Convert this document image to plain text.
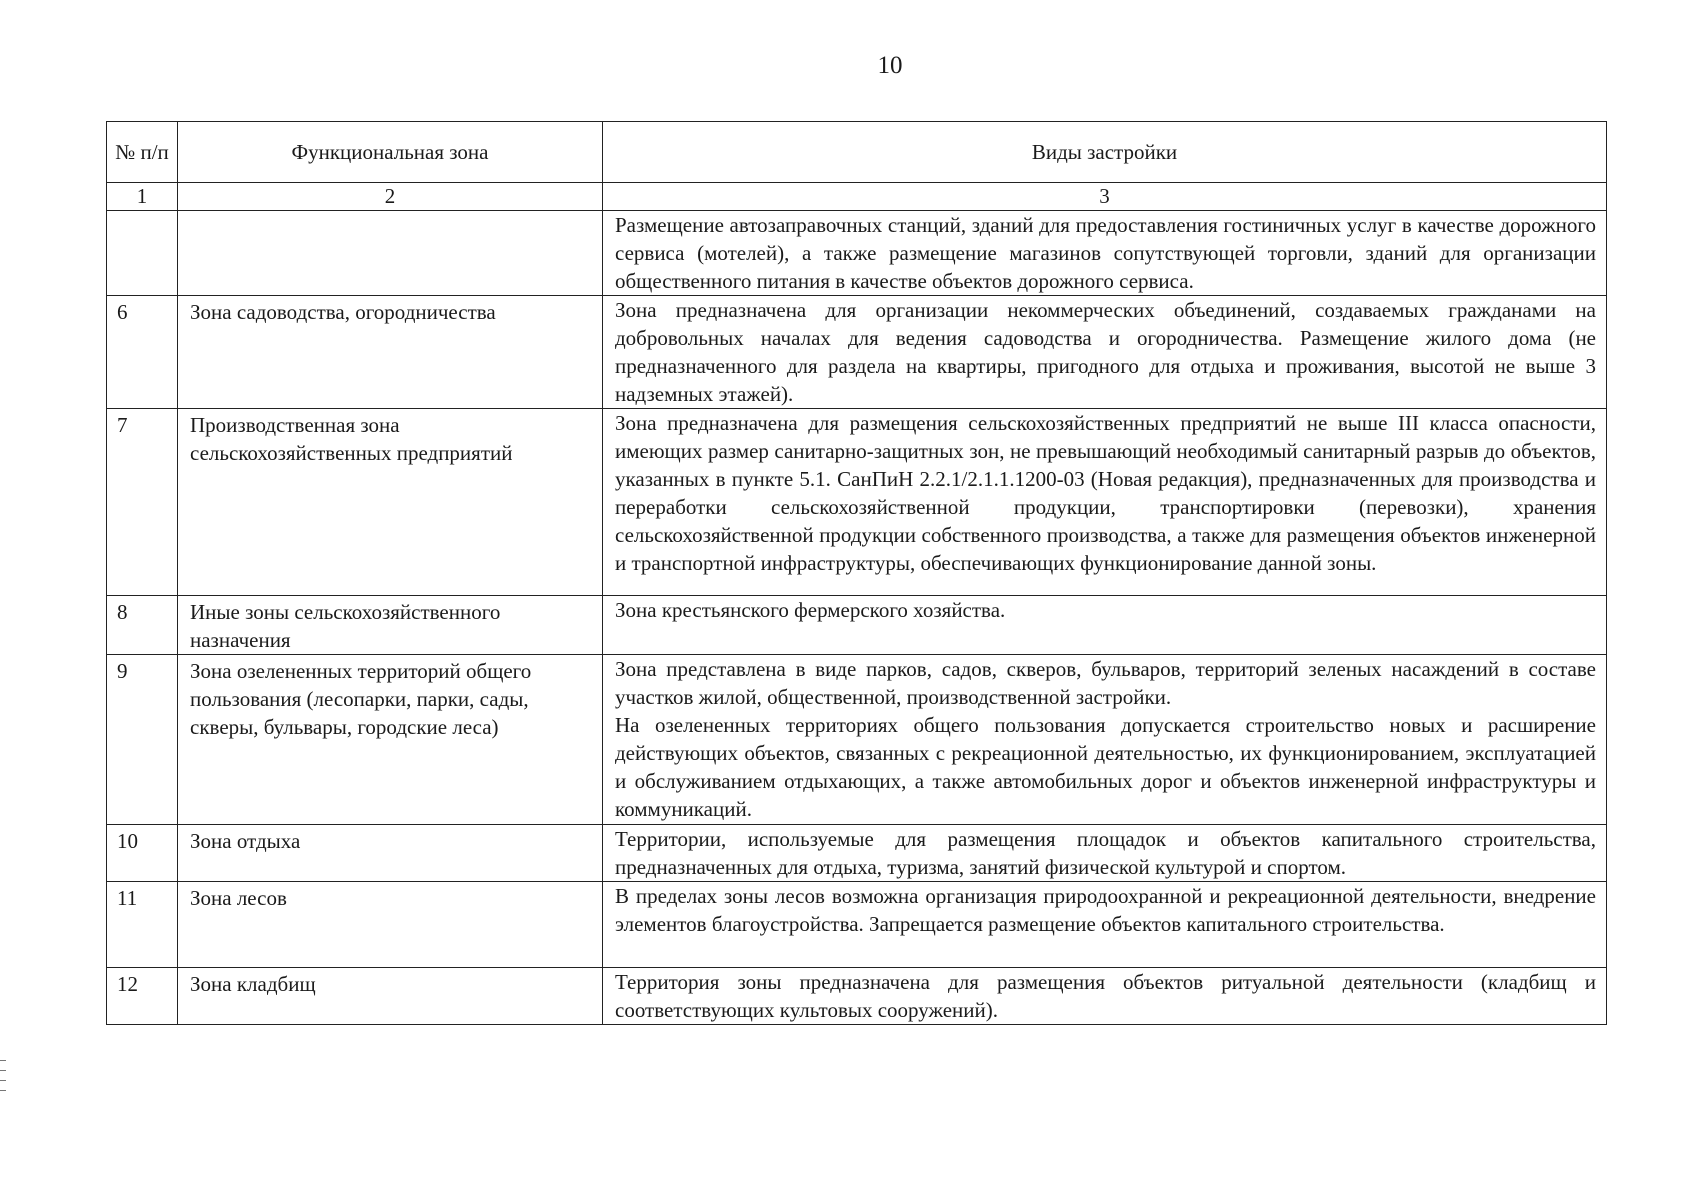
10
№ п/п	Функциональная зона	Виды застройки
1	2	3

		Размещение автозаправочных станций, зданий для предоставления гостиничных услуг в качестве дорожного сервиса (мотелей), а также размещение магазинов сопутствующей торговли, зданий для организации общественного питания в качестве объектов дорожного сервиса.

6	Зона садоводства, огородничества	Зона предназначена для организации некоммерческих объединений, создаваемых гражданами на добровольных началах для ведения садоводства и огородничества. Размещение жилого дома (не предназначенного для раздела на квартиры, пригодного для отдыха и проживания, высотой не выше 3 надземных этажей).

7	Производственная зона сельскохозяйственных предприятий	Зона предназначена для размещения сельскохозяйственных предприятий не выше III класса опасности, имеющих размер санитарно-защитных зон, не превышающий необходимый санитарный разрыв до объектов, указанных в пункте 5.1. СанПиН 2.2.1/2.1.1.1200-03 (Новая редакция), предназначенных для производства и переработки сельскохозяйственной продукции, транспортировки (перевозки), хранения сельскохозяйственной продукции собственного производства, а также для размещения объектов инженерной и транспортной инфраструктуры, обеспечивающих функционирование данной зоны.

8	Иные зоны сельскохозяйственного назначения	Зона крестьянского фермерского хозяйства.

9	Зона озелененных территорий общего пользования (лесопарки, парки, сады, скверы, бульвары, городские леса)	Зона представлена в виде парков, садов, скверов, бульваров, территорий зеленых насаждений в составе участков жилой, общественной, производственной застройки.

На озелененных территориях общего пользования допускается строительство новых и расширение действующих объектов, связанных с рекреационной деятельностью, их функционированием, эксплуатацией и обслуживанием отдыхающих, а также автомобильных дорог и объектов инженерной инфраструктуры и коммуникаций.

10	Зона отдыха	Территории, используемые для размещения площадок и объектов капитального строительства, предназначенных для отдыха, туризма, занятий физической культурой и спортом.

11	Зона лесов	В пределах зоны лесов возможна организация природоохранной и рекреационной деятельности, внедрение элементов благоустройства. Запрещается размещение объектов капитального строительства.

12	Зона кладбищ	Территория зоны предназначена для размещения объектов ритуальной деятельности (кладбищ и соответствующих культовых сооружений).
